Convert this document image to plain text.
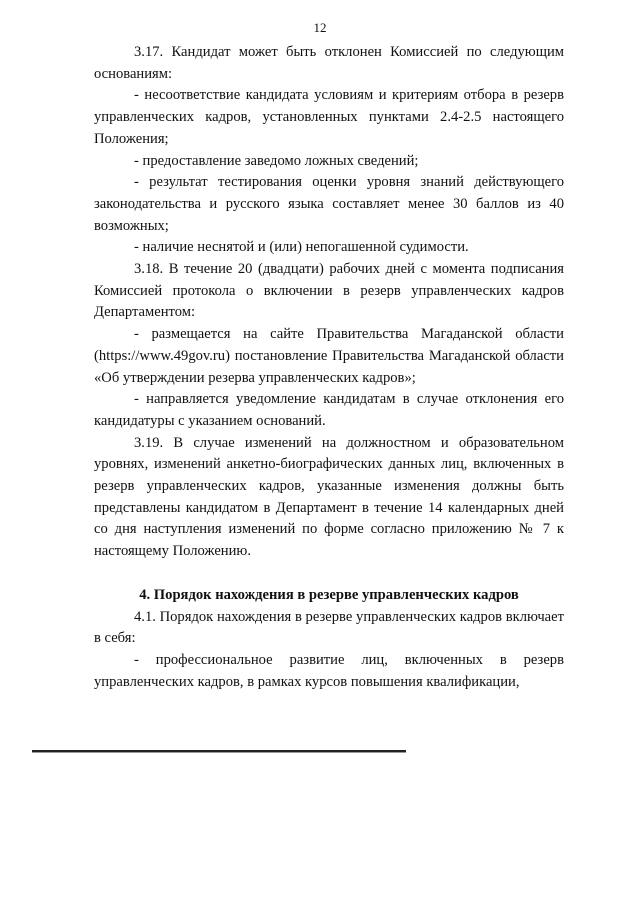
12

3.17. Кандидат может быть отклонен Комиссией по следующим основаниям:

- несоответствие кандидата условиям и критериям отбора в резерв управленческих кадров, установленных пунктами 2.4-2.5 настоящего Положения;

- предоставление заведомо ложных сведений;

- результат тестирования оценки уровня знаний действующего законодательства и русского языка составляет менее 30 баллов из 40 возможных;

- наличие неснятой и (или) непогашенной судимости.

3.18. В течение 20 (двадцати) рабочих дней с момента подписания Комиссией протокола о включении в резерв управленческих кадров Департаментом:

- размещается на сайте Правительства Магаданской области (https://www.49gov.ru) постановление Правительства Магаданской области «Об утверждении резерва управленческих кадров»;

- направляется уведомление кандидатам в случае отклонения его кандидатуры с указанием оснований.

3.19. В случае изменений на должностном и образовательном уровнях, изменений анкетно-биографических данных лиц, включенных в резерв управленческих кадров, указанные изменения должны быть представлены кандидатом в Департамент в течение 14 календарных дней со дня наступления изменений по форме согласно приложению № 7 к настоящему Положению.

4. Порядок нахождения в резерве управленческих кадров

4.1. Порядок нахождения в резерве управленческих кадров включает в себя:

- профессиональное развитие лиц, включенных в резерв управленческих кадров, в рамках курсов повышения квалификации,
